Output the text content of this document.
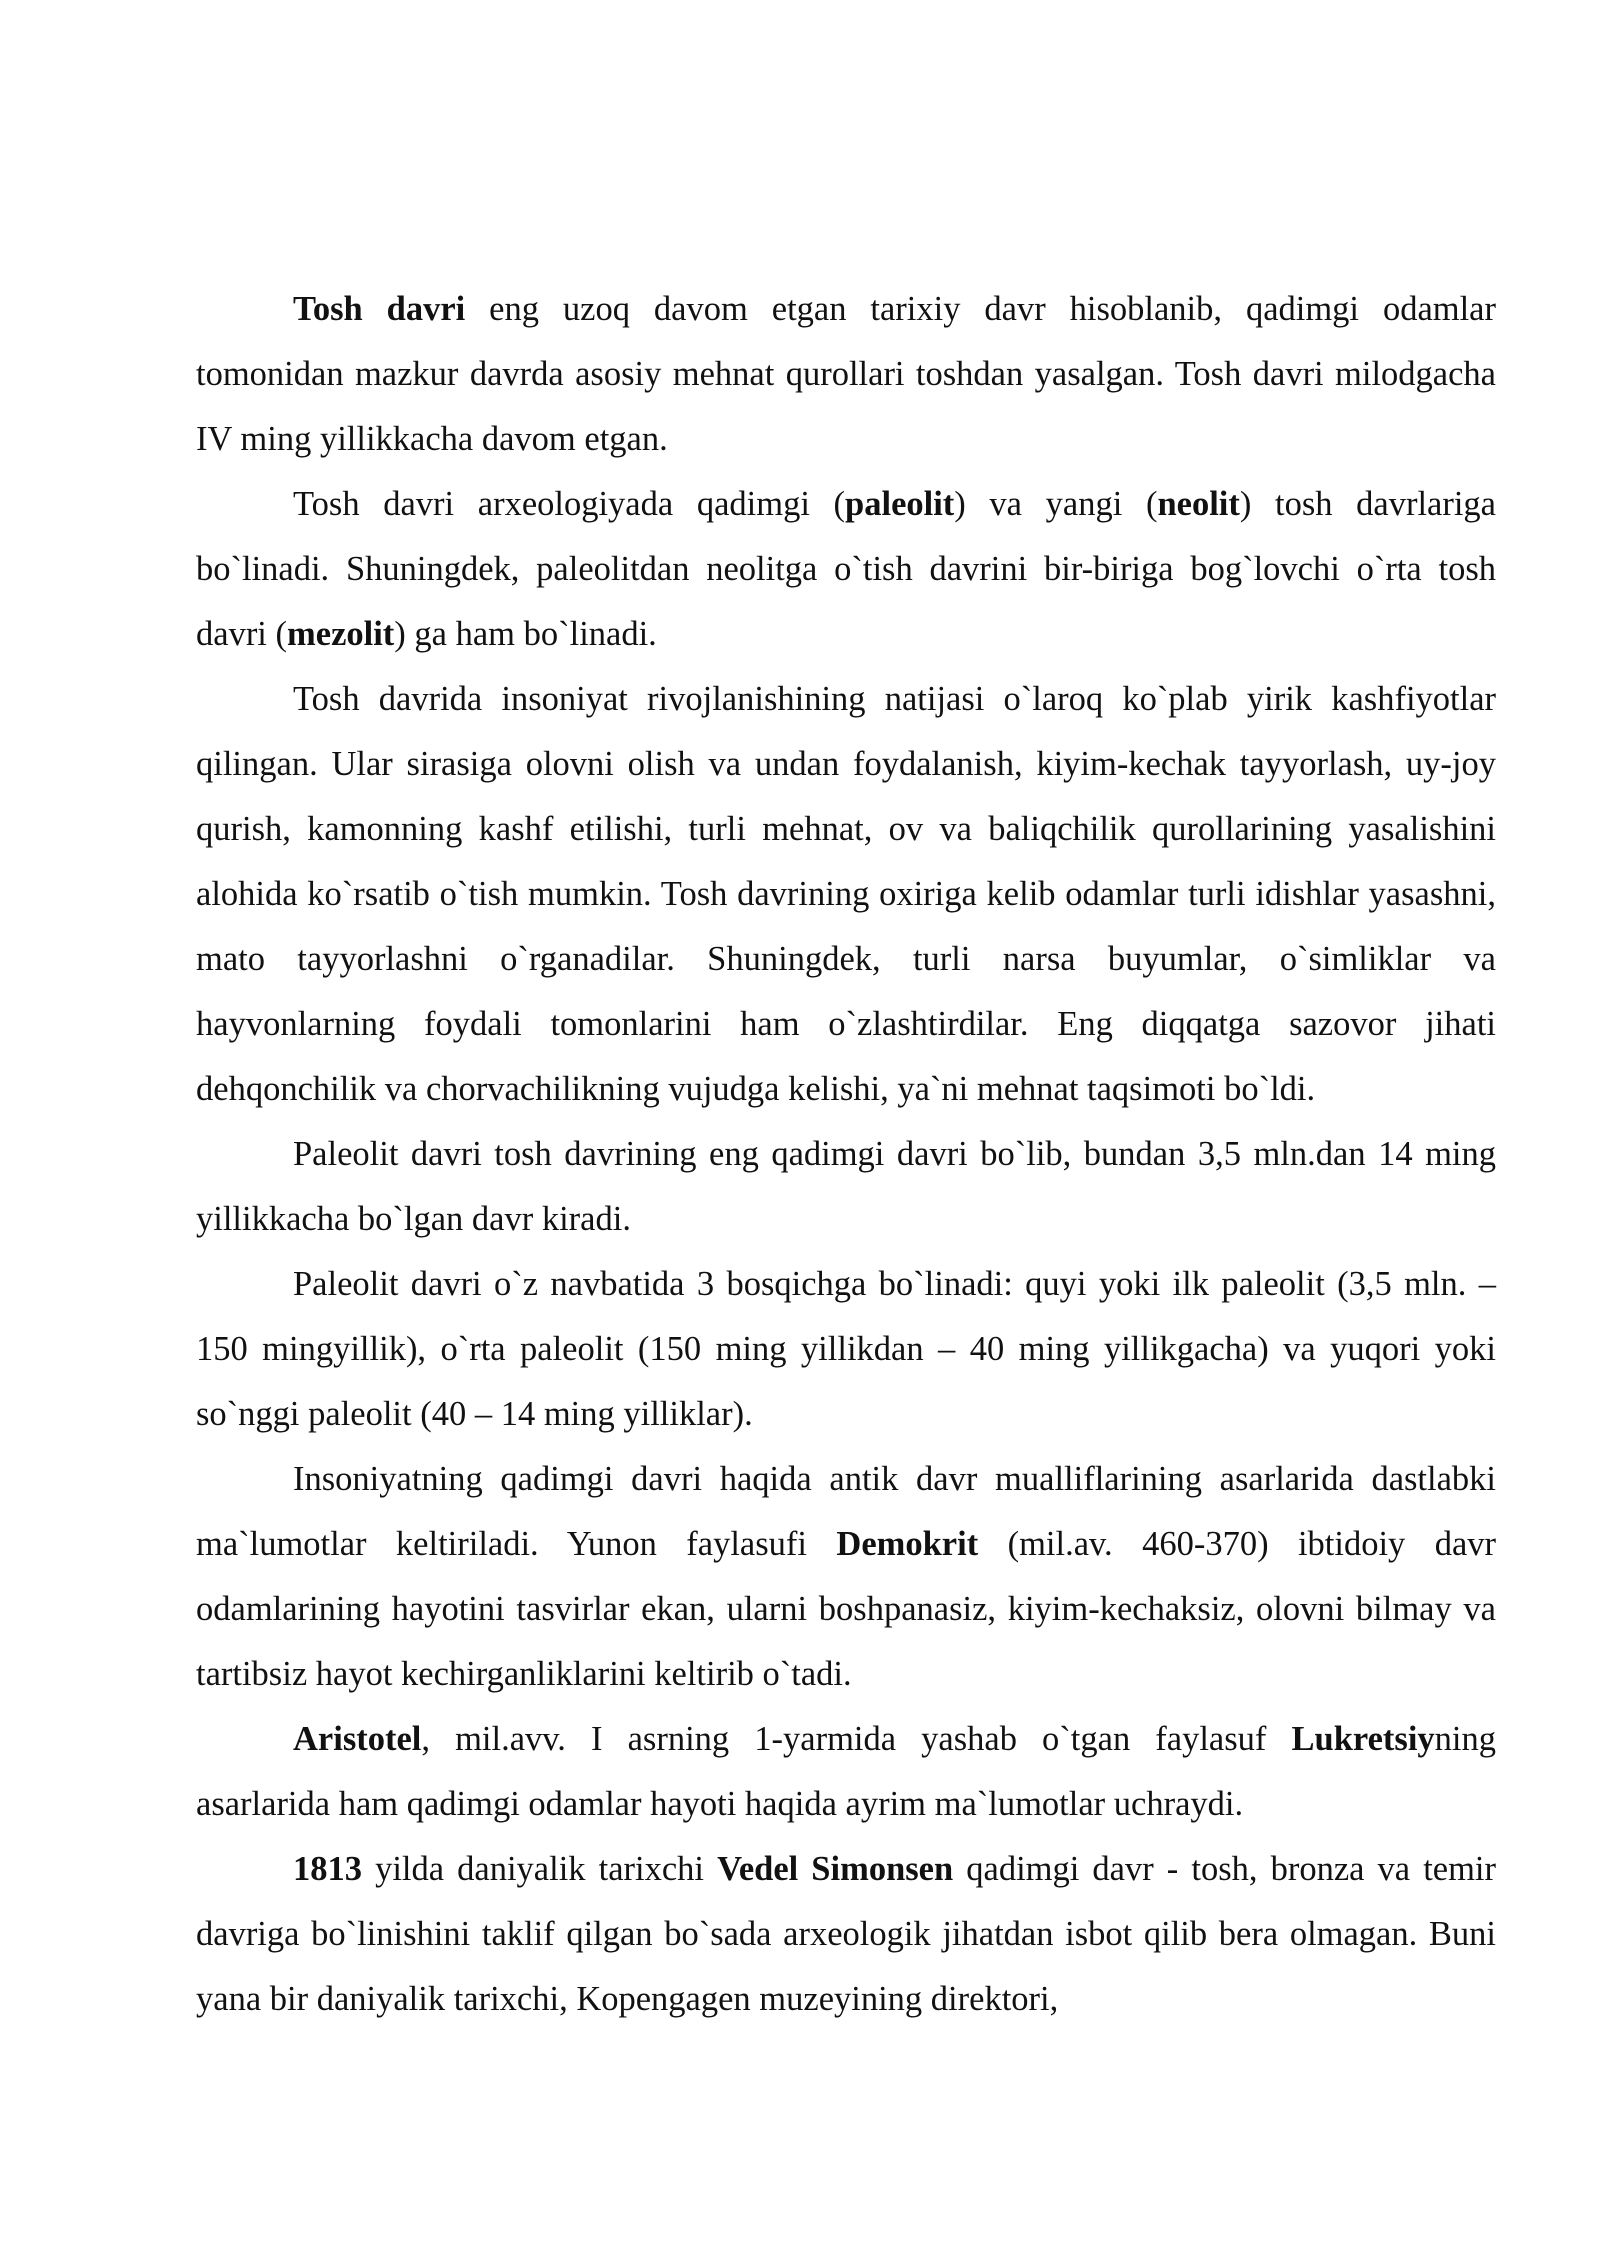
Tosh davri eng uzoq davom etgan tarixiy davr hisoblanib, qadimgi odamlar tomonidan mazkur davrda asosiy mehnat qurollari toshdan yasalgan. Tosh davri milodgacha IV ming yillikkacha davom etgan.

Tosh davri arxeologiyada qadimgi (paleolit) va yangi (neolit) tosh davrlariga bo`linadi. Shuningdek, paleolitdan neolitga o`tish davrini bir-biriga bog`lovchi o`rta tosh davri (mezolit) ga ham bo`linadi.

Tosh davrida insoniyat rivojlanishining natijasi o`laroq ko`plab yirik kashfiyotlar qilingan. Ular sirasiga olovni olish va undan foydalanish, kiyim-kechak tayyorlash, uy-joy qurish, kamonning kashf etilishi, turli mehnat, ov va baliqchilik qurollarining yasalishini alohida ko`rsatib o`tish mumkin. Tosh davrining oxiriga kelib odamlar turli idishlar yasashni, mato tayyorlashni o`rganadilar. Shuningdek, turli narsa buyumlar, o`simliklar va hayvonlarning foydali tomonlarini ham o`zlashtirdilar. Eng diqqatga sazovor jihati dehqonchilik va chorvachilikning vujudga kelishi, ya`ni mehnat taqsimoti bo`ldi.

Paleolit davri tosh davrining eng qadimgi davri bo`lib, bundan 3,5 mln.dan 14 ming yillikkacha bo`lgan davr kiradi.

Paleolit davri o`z navbatida 3 bosqichga bo`linadi: quyi yoki ilk paleolit (3,5 mln. – 150 mingyillik), o`rta paleolit (150 ming yillikdan – 40 ming yillikgacha) va yuqori yoki so`nggi paleolit (40 – 14 ming yilliklar).

Insoniyatning qadimgi davri haqida antik davr mualliflarining asarlarida dastlabki ma`lumotlar keltiriladi. Yunon faylasufi Demokrit (mil.av. 460-370) ibtidoiy davr odamlarining hayotini tasvirlar ekan, ularni boshpanasiz, kiyim-kechaksiz, olovni bilmay va tartibsiz hayot kechirganliklarini keltirib o`tadi.

Aristotel, mil.avv. I asrning 1-yarmida yashab o`tgan faylasuf Lukretsiyning asarlarida ham qadimgi odamlar hayoti haqida ayrim ma`lumotlar uchraydi.

1813 yilda daniyalik tarixchi Vedel Simonsen qadimgi davr - tosh, bronza va temir davriga bo`linishini taklif qilgan bo`sada arxeologik jihatdan isbot qilib bera olmagan. Buni yana bir daniyalik tarixchi, Kopengagen muzeyining direktori,
